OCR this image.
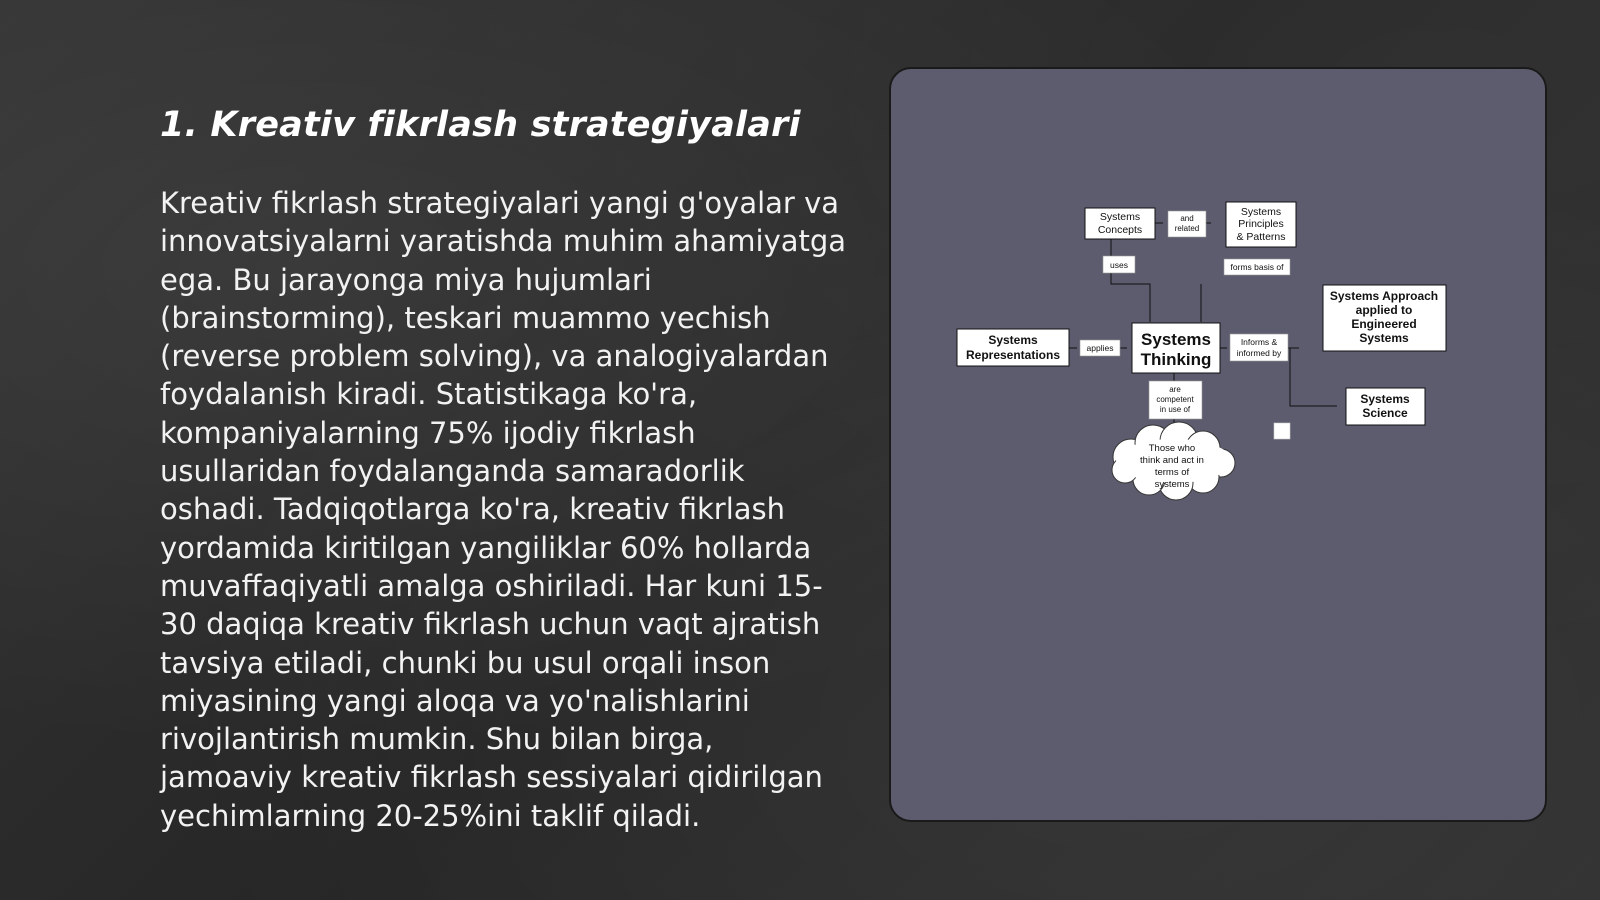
1. Kreativ fikrlash strategiyalari

Kreativ fikrlash strategiyalari yangi g'oyalar va innovatsiyalarni yaratishda muhim ahamiyatga ega. Bu jarayonga miya hujumlari (brainstorming), teskari muammo yechish (reverse problem solving), va analogiyalardan foydalanish kiradi. Statistikaga ko'ra, kompaniyalarning 75% ijodiy fikrlash usullaridan foydalanganda samaradorlik oshadi. Tadqiqotlarga ko'ra, kreativ fikrlash yordamida kiritilgan yangiliklar 60% hollarda muvaffaqiyatli amalga oshiriladi. Har kuni 15-30 daqiqa kreativ fikrlash uchun vaqt ajratish tavsiya etiladi, chunki bu usul orqali inson miyasining yangi aloqa va yo'nalishlarini rivojlantirish mumkin. Shu bilan birga, jamoaviy kreativ fikrlash sessiyalari qidirilgan yechimlarning 20-25%ini taklif qiladi.

Systems
Concepts
Systems
Principles
& Patterns
Systems
Representations
Systems
Thinking
Systems Approach
applied to
Engineered
Systems
Systems
Science
and
related
uses	forms basis of
applies
Informs &
informed by
are
competent
in use of
Those who
think and act in
terms of
systems
